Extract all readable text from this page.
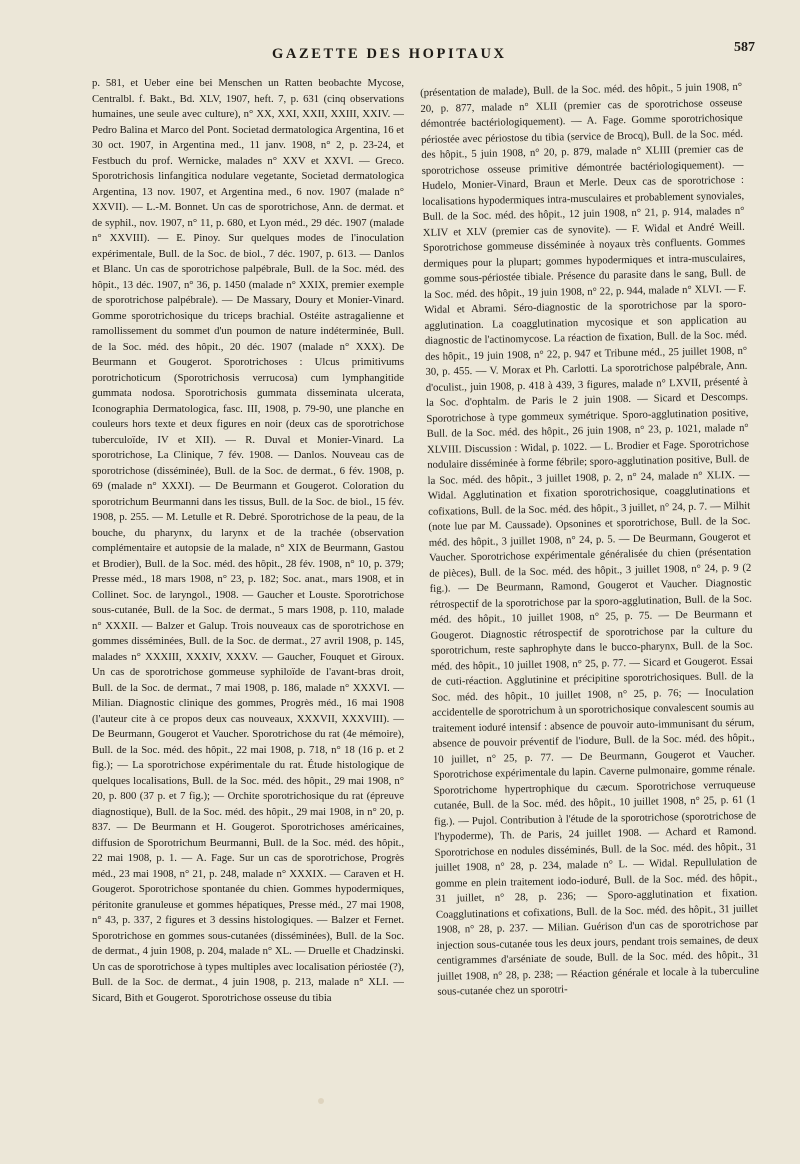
GAZETTE DES HOPITAUX	587

p. 581, et Ueber eine bei Menschen un Ratten beobachte Mycose, Centralbl. f. Bakt., Bd. XLV, 1907, heft. 7, p. 631 (cinq observations humaines, une seule avec culture), n° XX, XXI, XXII, XXIII, XXIV. — Pedro Balina et Marco del Pont. Societad dermatologica Argentina, 16 et 30 oct. 1907, in Argentina med., 11 janv. 1908, n° 2, p. 23-24, et Festbuch du prof. Wernicke, malades n° XXV et XXVI. — Greco. Sporotrichosis linfangitica nodulare vegetante, Societad dermatologica Argentina, 13 nov. 1907, et Argentina med., 6 nov. 1907 (malade n° XXVII). — L.-M. Bonnet. Un cas de sporotrichose, Ann. de dermat. et de syphil., nov. 1907, n° 11, p. 680, et Lyon méd., 29 déc. 1907 (malade n° XXVIII). — E. Pinoy. Sur quelques modes de l'inoculation expérimentale, Bull. de la Soc. de biol., 7 déc. 1907, p. 613. — Danlos et Blanc. Un cas de sporotrichose palpébrale, Bull. de la Soc. méd. des hôpit., 13 déc. 1907, n° 36, p. 1450 (malade n° XXIX, premier exemple de sporotrichose palpébrale). — De Massary, Doury et Monier-Vinard. Gomme sporotrichosique du triceps brachial. Ostéite astragalienne et ramollissement du sommet d'un poumon de nature indéterminée, Bull. de la Soc. méd. des hôpit., 20 déc. 1907 (malade n° XXX). De Beurmann et Gougerot. Sporotrichoses : Ulcus primitivums porotrichoticum (Sporotrichosis verrucosa) cum lymphangitide gummata nodosa. Sporotrichosis gummata disseminata ulcerata, Iconographia Dermatologica, fasc. III, 1908, p. 79-90, une planche en couleurs hors texte et deux figures en noir (deux cas de sporotrichose tuberculoïde, IV et XII). — R. Duval et Monier-Vinard. La sporotrichose, La Clinique, 7 fév. 1908. — Danlos. Nouveau cas de sporotrichose (disséminée), Bull. de la Soc. de dermat., 6 fév. 1908, p. 69 (malade n° XXXI). — De Beurmann et Gougerot. Coloration du sporotrichum Beurmanni dans les tissus, Bull. de la Soc. de biol., 15 fév. 1908, p. 255. — M. Letulle et R. Debré. Sporotrichose de la peau, de la bouche, du pharynx, du larynx et de la trachée (observation complémentaire et autopsie de la malade, n° XIX de Beurmann, Gastou et Brodier), Bull. de la Soc. méd. des hôpit., 28 fév. 1908, n° 10, p. 379; Presse méd., 18 mars 1908, n° 23, p. 182; Soc. anat., mars 1908, et in Collinet. Soc. de laryngol., 1908. — Gaucher et Louste. Sporotrichose sous-cutanée, Bull. de la Soc. de dermat., 5 mars 1908, p. 110, malade n° XXXII. — Balzer et Galup. Trois nouveaux cas de sporotrichose en gommes disséminées, Bull. de la Soc. de dermat., 27 avril 1908, p. 145, malades n° XXXIII, XXXIV, XXXV. — Gaucher, Fouquet et Giroux. Un cas de sporotrichose gommeuse syphiloïde de l'avant-bras droit, Bull. de la Soc. de dermat., 7 mai 1908, p. 186, malade n° XXXVI. — Milian. Diagnostic clinique des gommes, Progrès méd., 16 mai 1908 (l'auteur cite à ce propos deux cas nouveaux, XXXVII, XXXVIII). — De Beurmann, Gougerot et Vaucher. Sporotrichose du rat (4e mémoire), Bull. de la Soc. méd. des hôpit., 22 mai 1908, p. 718, n° 18 (16 p. et 2 fig.); — La sporotrichose expérimentale du rat. Étude histologique de quelques localisations, Bull. de la Soc. méd. des hôpit., 29 mai 1908, n° 20, p. 800 (37 p. et 7 fig.); — Orchite sporotrichosique du rat (épreuve diagnostique), Bull. de la Soc. méd. des hôpit., 29 mai 1908, in n° 20, p. 837. — De Beurmann et H. Gougerot. Sporotrichoses américaines, diffusion de Sporotrichum Beurmanni, Bull. de la Soc. méd. des hôpit., 22 mai 1908, p. 1. — A. Fage. Sur un cas de sporotrichose, Progrès méd., 23 mai 1908, n° 21, p. 248, malade n° XXXIX. — Caraven et H. Gougerot. Sporotrichose spontanée du chien. Gommes hypodermiques, péritonite granuleuse et gommes hépatiques, Presse méd., 27 mai 1908, n° 43, p. 337, 2 figures et 3 dessins histologiques. — Balzer et Fernet. Sporotrichose en gommes sous-cutanées (disséminées), Bull. de la Soc. de dermat., 4 juin 1908, p. 204, malade n° XL. — Druelle et Chadzinski. Un cas de sporotrichose à types multiples avec localisation périostée (?), Bull. de la Soc. de dermat., 4 juin 1908, p. 213, malade n° XLI. — Sicard, Bith et Gougerot. Sporotrichose osseuse du tibia

(présentation de malade), Bull. de la Soc. méd. des hôpit., 5 juin 1908, n° 20, p. 877, malade n° XLII (premier cas de sporotrichose osseuse démontrée bactériologiquement). — A. Fage. Gomme sporotrichosique périostée avec périostose du tibia (service de Brocq), Bull. de la Soc. méd. des hôpit., 5 juin 1908, n° 20, p. 879, malade n° XLIII (premier cas de sporotrichose osseuse primitive démontrée bactériologiquement). — Hudelo, Monier-Vinard, Braun et Merle. Deux cas de sporotrichose : localisations hypodermiques intra-musculaires et probablement synoviales, Bull. de la Soc. méd. des hôpit., 12 juin 1908, n° 21, p. 914, malades n° XLIV et XLV (premier cas de synovite). — F. Widal et André Weill. Sporotrichose gommeuse disséminée à noyaux très confluents. Gommes dermiques pour la plupart; gommes hypodermiques et intra-musculaires, gomme sous-périostée tibiale. Présence du parasite dans le sang, Bull. de la Soc. méd. des hôpit., 19 juin 1908, n° 22, p. 944, malade n° XLVI. — F. Widal et Abrami. Séro-diagnostic de la sporotrichose par la sporo-agglutination. La coagglutination mycosique et son application au diagnostic de l'actinomycose. La réaction de fixation, Bull. de la Soc. méd. des hôpit., 19 juin 1908, n° 22, p. 947 et Tribune méd., 25 juillet 1908, n° 30, p. 455. — V. Morax et Ph. Carlotti. La sporotrichose palpébrale, Ann. d'oculist., juin 1908, p. 418 à 439, 3 figures, malade n° LXVII, présenté à la Soc. d'ophtalm. de Paris le 2 juin 1908. — Sicard et Descomps. Sporotrichose à type gommeux symétrique. Sporo-agglutination positive, Bull. de la Soc. méd. des hôpit., 26 juin 1908, n° 23, p. 1021, malade n° XLVIII. Discussion : Widal, p. 1022. — L. Brodier et Fage. Sporotrichose nodulaire disséminée à forme fébrile; sporo-agglutination positive, Bull. de la Soc. méd. des hôpit., 3 juillet 1908, p. 2, n° 24, malade n° XLIX. — Widal. Agglutination et fixation sporotrichosique, coagglutinations et cofixations, Bull. de la Soc. méd. des hôpit., 3 juillet, n° 24, p. 7. — Milhit (note lue par M. Caussade). Opsonines et sporotrichose, Bull. de la Soc. méd. des hôpit., 3 juillet 1908, n° 24, p. 5. — De Beurmann, Gougerot et Vaucher. Sporotrichose expérimentale généralisée du chien (présentation de pièces), Bull. de la Soc. méd. des hôpit., 3 juillet 1908, n° 24, p. 9 (2 fig.). — De Beurmann, Ramond, Gougerot et Vaucher. Diagnostic rétrospectif de la sporotrichose par la sporo-agglutination, Bull. de la Soc. méd. des hôpit., 10 juillet 1908, n° 25, p. 75. — De Beurmann et Gougerot. Diagnostic rétrospectif de sporotrichose par la culture du sporotrichum, reste saphrophyte dans le bucco-pharynx, Bull. de la Soc. méd. des hôpit., 10 juillet 1908, n° 25, p. 77. — Sicard et Gougerot. Essai de cuti-réaction. Agglutinine et précipitine sporotrichosiques. Bull. de la Soc. méd. des hôpit., 10 juillet 1908, n° 25, p. 76; — Inoculation accidentelle de sporotrichum à un sporotrichosique convalescent soumis au traitement ioduré intensif : absence de pouvoir auto-immunisant du sérum, absence de pouvoir préventif de l'iodure, Bull. de la Soc. méd. des hôpit., 10 juillet, n° 25, p. 77. — De Beurmann, Gougerot et Vaucher. Sporotrichose expérimentale du lapin. Caverne pulmonaire, gomme rénale. Sporotrichome hypertrophique du cæcum. Sporotrichose verruqueuse cutanée, Bull. de la Soc. méd. des hôpit., 10 juillet 1908, n° 25, p. 61 (1 fig.). — Pujol. Contribution à l'étude de la sporotrichose (sporotrichose de l'hypoderme), Th. de Paris, 24 juillet 1908. — Achard et Ramond. Sporotrichose en nodules disséminés, Bull. de la Soc. méd. des hôpit., 31 juillet 1908, n° 28, p. 234, malade n° L. — Widal. Repullulation de gomme en plein traitement iodo-ioduré, Bull. de la Soc. méd. des hôpit., 31 juillet, n° 28, p. 236; — Sporo-agglutination et fixation. Coagglutinations et cofixations, Bull. de la Soc. méd. des hôpit., 31 juillet 1908, n° 28, p. 237. — Milian. Guérison d'un cas de sporotrichose par injection sous-cutanée tous les deux jours, pendant trois semaines, de deux centigrammes d'arséniate de soude, Bull. de la Soc. méd. des hôpit., 31 juillet 1908, n° 28, p. 238; — Réaction générale et locale à la tuberculine sous-cutanée chez un sporotri-
